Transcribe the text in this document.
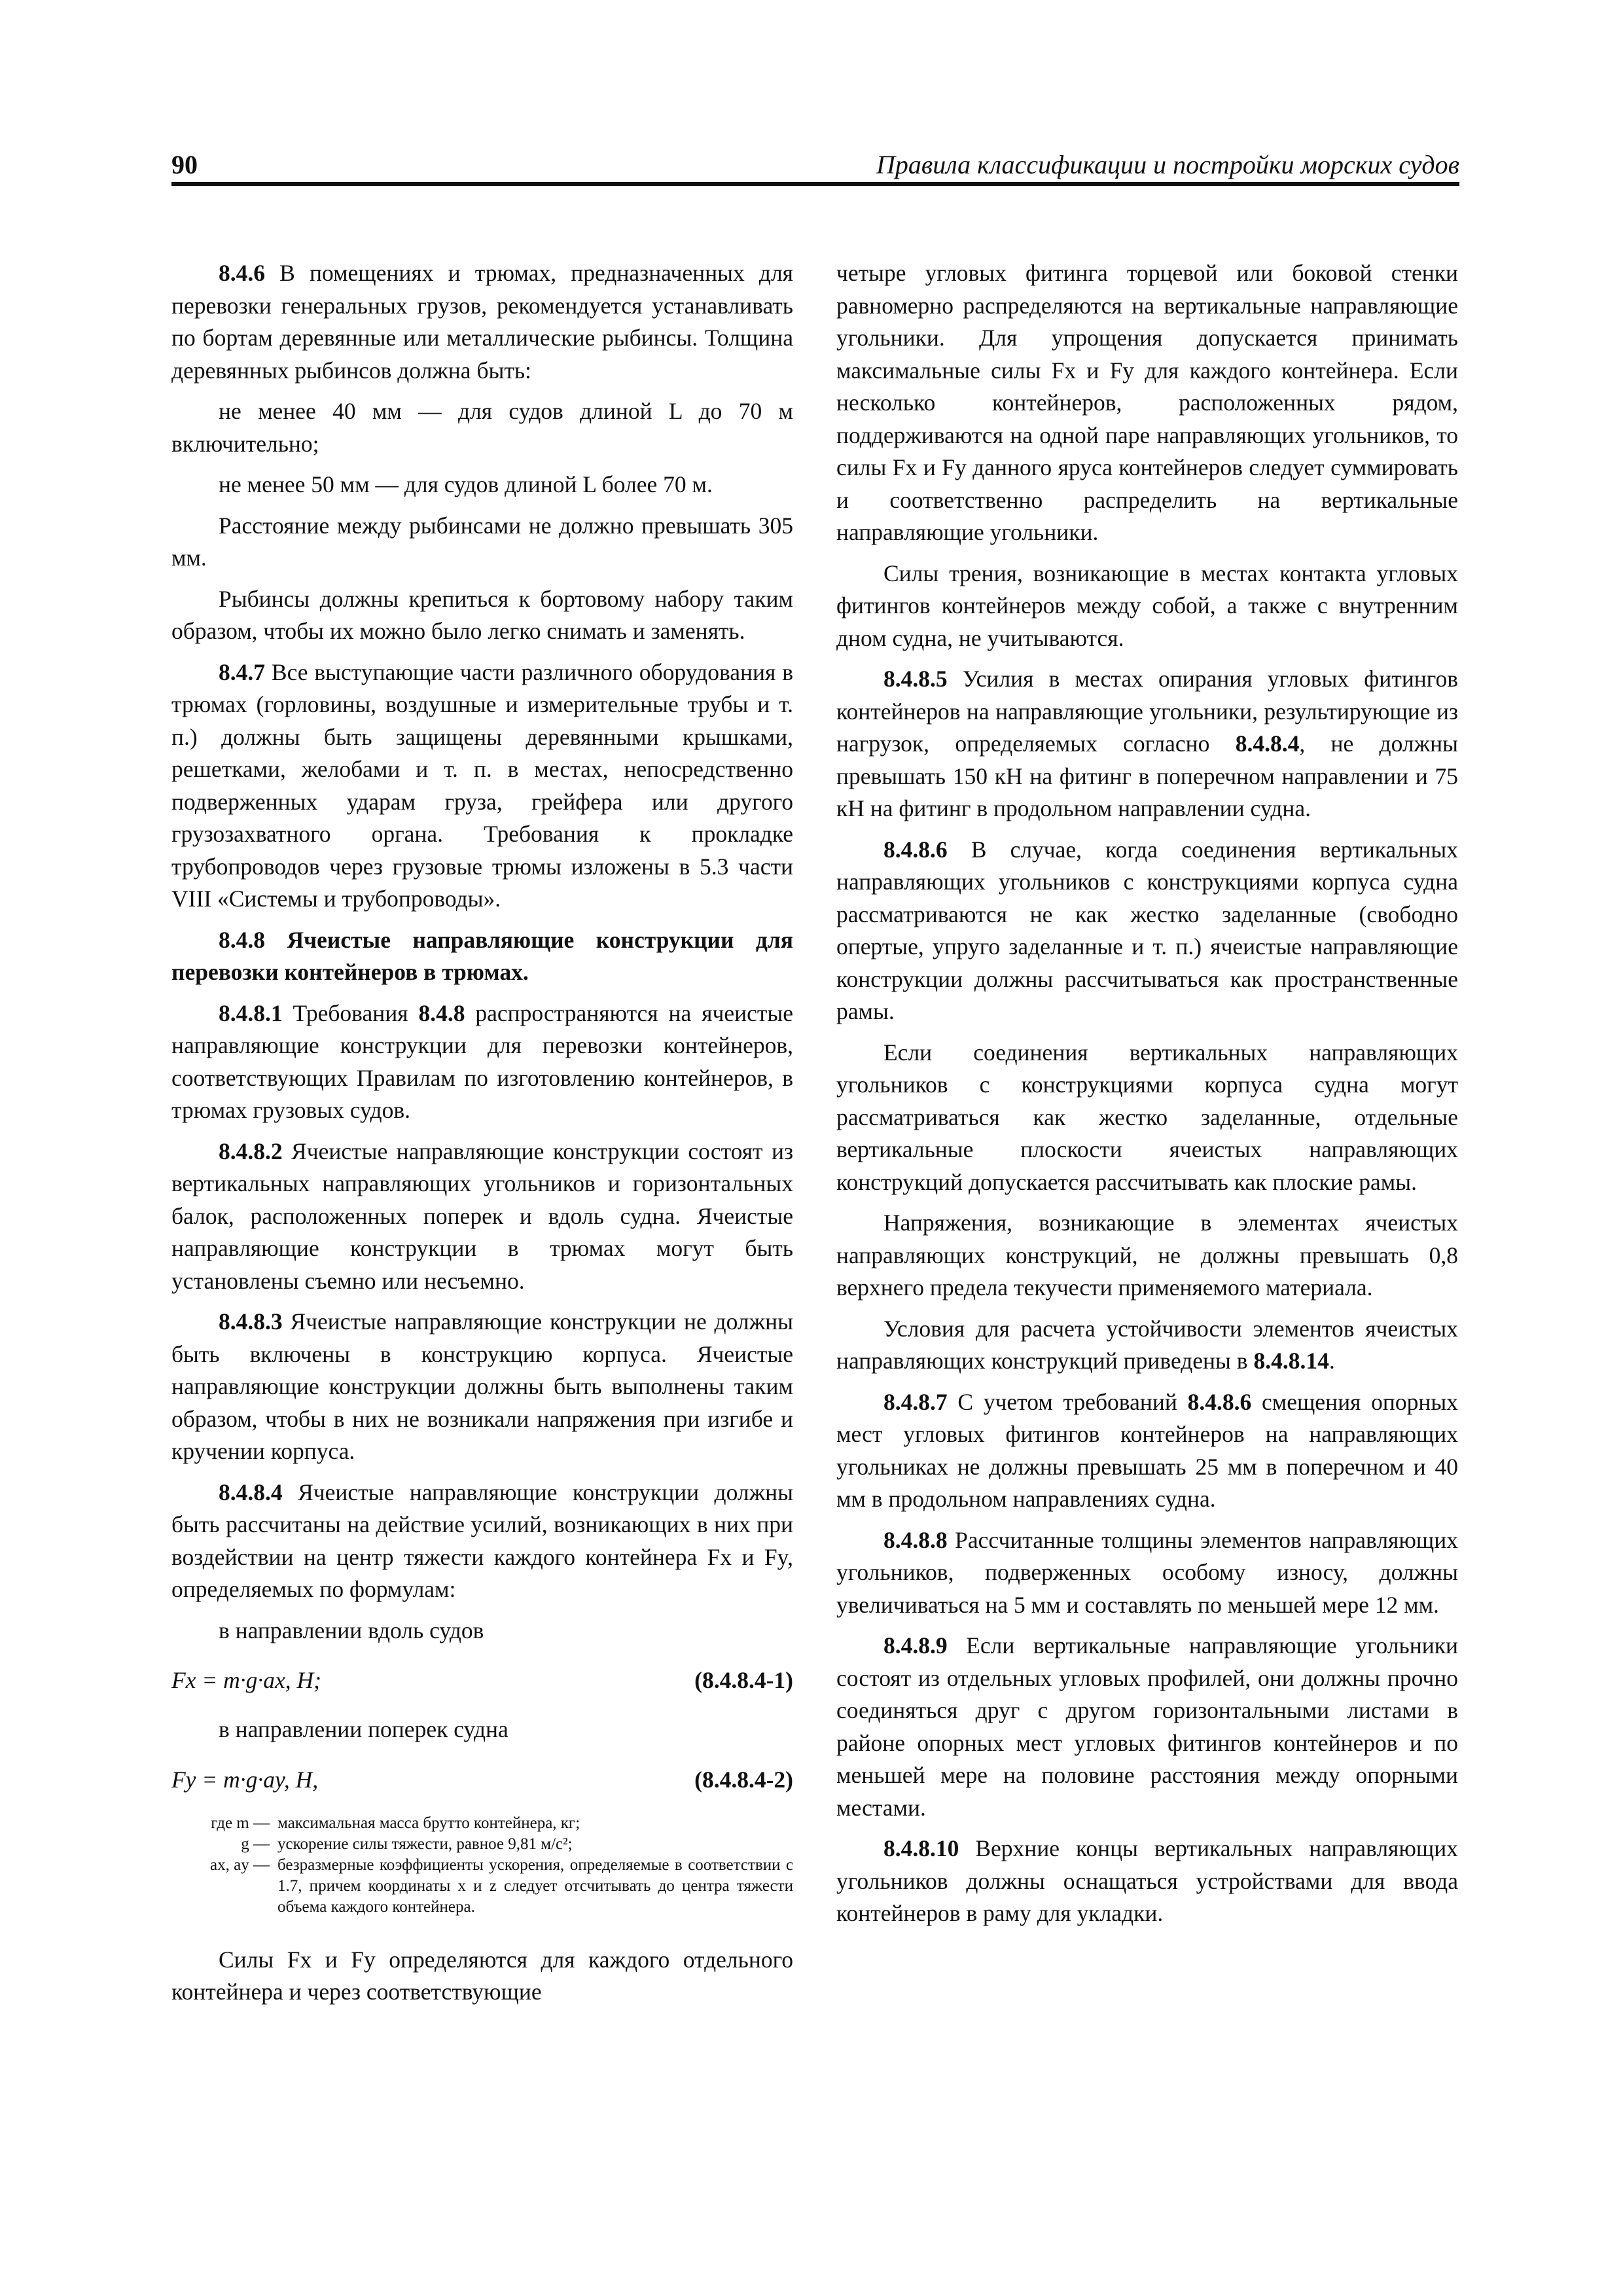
90	Правила классификации и постройки морских судов

8.4.6 В помещениях и трюмах, предназначенных для перевозки генеральных грузов, рекомендуется устанавливать по бортам деревянные или металлические рыбинсы. Толщина деревянных рыбинсов должна быть:

не менее 40 мм — для судов длиной L до 70 м включительно;

не менее 50 мм — для судов длиной L более 70 м.

Расстояние между рыбинсами не должно превышать 305 мм.

Рыбинсы должны крепиться к бортовому набору таким образом, чтобы их можно было легко снимать и заменять.

8.4.7 Все выступающие части различного оборудования в трюмах (горловины, воздушные и измерительные трубы и т. п.) должны быть защищены деревянными крышками, решетками, желобами и т. п. в местах, непосредственно подверженных ударам груза, грейфера или другого грузозахватного органа. Требования к прокладке трубопроводов через грузовые трюмы изложены в 5.3 части VIII «Системы и трубопроводы».

8.4.8 Ячеистые направляющие конструкции для перевозки контейнеров в трюмах.

8.4.8.1 Требования 8.4.8 распространяются на ячеистые направляющие конструкции для перевозки контейнеров, соответствующих Правилам по изготовлению контейнеров, в трюмах грузовых судов.

8.4.8.2 Ячеистые направляющие конструкции состоят из вертикальных направляющих угольников и горизонтальных балок, расположенных поперек и вдоль судна. Ячеистые направляющие конструкции в трюмах могут быть установлены съемно или несъемно.

8.4.8.3 Ячеистые направляющие конструкции не должны быть включены в конструкцию корпуса. Ячеистые направляющие конструкции должны быть выполнены таким образом, чтобы в них не возникали напряжения при изгибе и кручении корпуса.

8.4.8.4 Ячеистые направляющие конструкции должны быть рассчитаны на действие усилий, возникающих в них при воздействии на центр тяжести каждого контейнера Fx и Fy, определяемых по формулам:

в направлении вдоль судов

Fx = m·g·ax, Н;	(8.4.8.4-1)

в направлении поперек судна

Fy = m·g·ay, Н,	(8.4.8.4-2)
где m — максимальная масса брутто контейнера, кг;
g — ускорение силы тяжести, равное 9,81 м/с²;
ax, ay — безразмерные коэффициенты ускорения, определяемые в соответствии с 1.7, причем координаты x и z следует отсчитывать до центра тяжести объема каждого контейнера.

Силы Fx и Fy определяются для каждого отдельного контейнера и через соответствующие

четыре угловых фитинга торцевой или боковой стенки равномерно распределяются на вертикальные направляющие угольники. Для упрощения допускается принимать максимальные силы Fx и Fy для каждого контейнера. Если несколько контейнеров, расположенных рядом, поддерживаются на одной паре направляющих угольников, то силы Fx и Fy данного яруса контейнеров следует суммировать и соответственно распределить на вертикальные направляющие угольники.

Силы трения, возникающие в местах контакта угловых фитингов контейнеров между собой, а также с внутренним дном судна, не учитываются.

8.4.8.5 Усилия в местах опирания угловых фитингов контейнеров на направляющие угольники, результирующие из нагрузок, определяемых согласно 8.4.8.4, не должны превышать 150 кН на фитинг в поперечном направлении и 75 кН на фитинг в продольном направлении судна.

8.4.8.6 В случае, когда соединения вертикальных направляющих угольников с конструкциями корпуса судна рассматриваются не как жестко заделанные (свободно опертые, упруго заделанные и т. п.) ячеистые направляющие конструкции должны рассчитываться как пространственные рамы.

Если соединения вертикальных направляющих угольников с конструкциями корпуса судна могут рассматриваться как жестко заделанные, отдельные вертикальные плоскости ячеистых направляющих конструкций допускается рассчитывать как плоские рамы.

Напряжения, возникающие в элементах ячеистых направляющих конструкций, не должны превышать 0,8 верхнего предела текучести применяемого материала.

Условия для расчета устойчивости элементов ячеистых направляющих конструкций приведены в 8.4.8.14.

8.4.8.7 С учетом требований 8.4.8.6 смещения опорных мест угловых фитингов контейнеров на направляющих угольниках не должны превышать 25 мм в поперечном и 40 мм в продольном направлениях судна.

8.4.8.8 Рассчитанные толщины элементов направляющих угольников, подверженных особому износу, должны увеличиваться на 5 мм и составлять по меньшей мере 12 мм.

8.4.8.9 Если вертикальные направляющие угольники состоят из отдельных угловых профилей, они должны прочно соединяться друг с другом горизонтальными листами в районе опорных мест угловых фитингов контейнеров и по меньшей мере на половине расстояния между опорными местами.

8.4.8.10 Верхние концы вертикальных направляющих угольников должны оснащаться устройствами для ввода контейнеров в раму для укладки.
